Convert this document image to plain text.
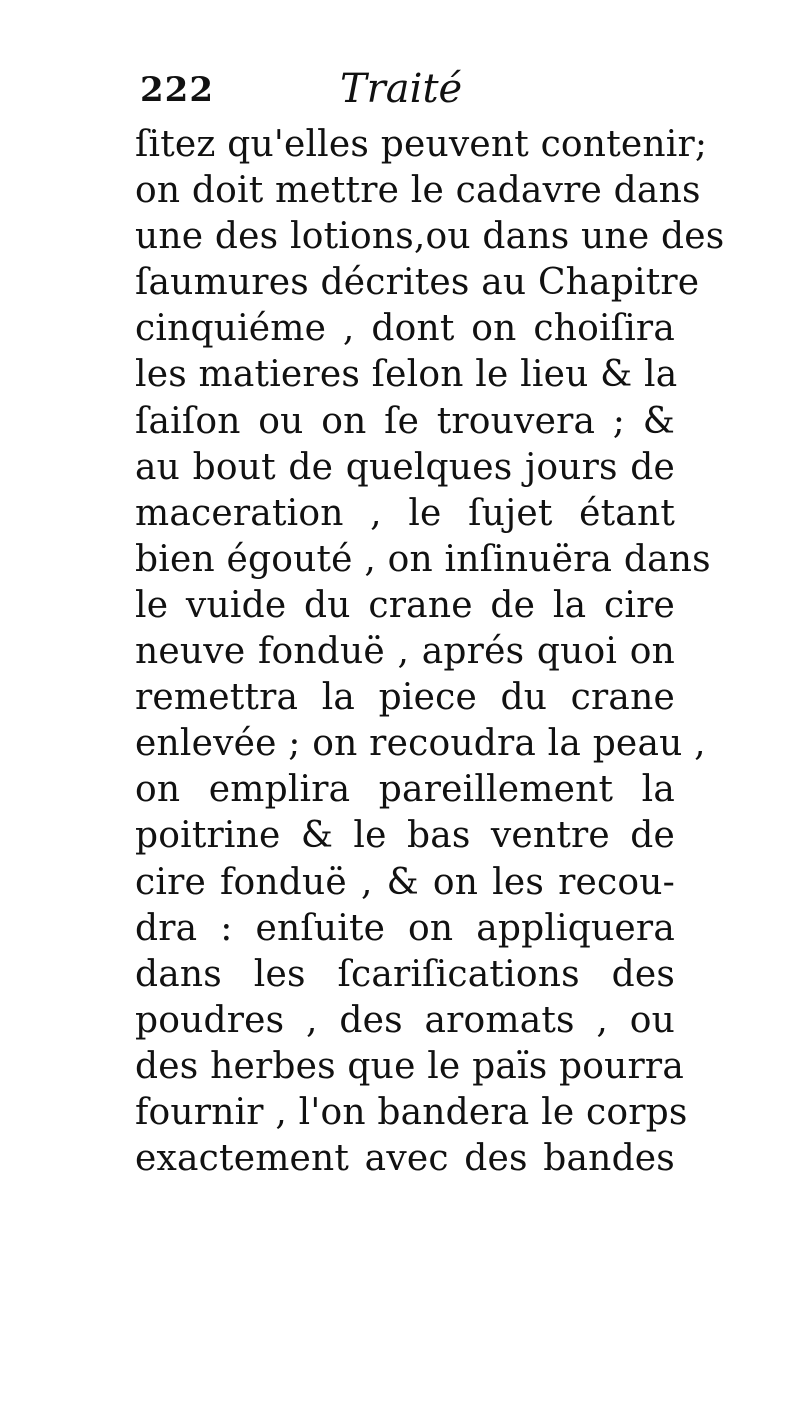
222	Traité
ſitez qu'elles peuvent contenir;
on doit mettre le cadavre dans
une des lotions,ou dans une des
ſaumures décrites au Chapitre
cinquiéme , dont on choiſira
les matieres ſelon le lieu & la
ſaiſon ou on ſe trouvera ; &
au bout de quelques jours de
maceration , le ſujet étant
bien égouté , on inſinuëra dans
le vuide du crane de la cire
neuve fonduë , aprés quoi on
remettra la piece du crane
enlevée ; on recoudra la peau ,
on emplira pareillement la
poitrine & le bas ventre de
cire fonduë , & on les recou-
dra : enſuite on appliquera
dans les ſcariſications des
poudres , des aromats , ou
des herbes que le païs pourra
fournir , l'on bandera le corps
exactement avec des bandes
